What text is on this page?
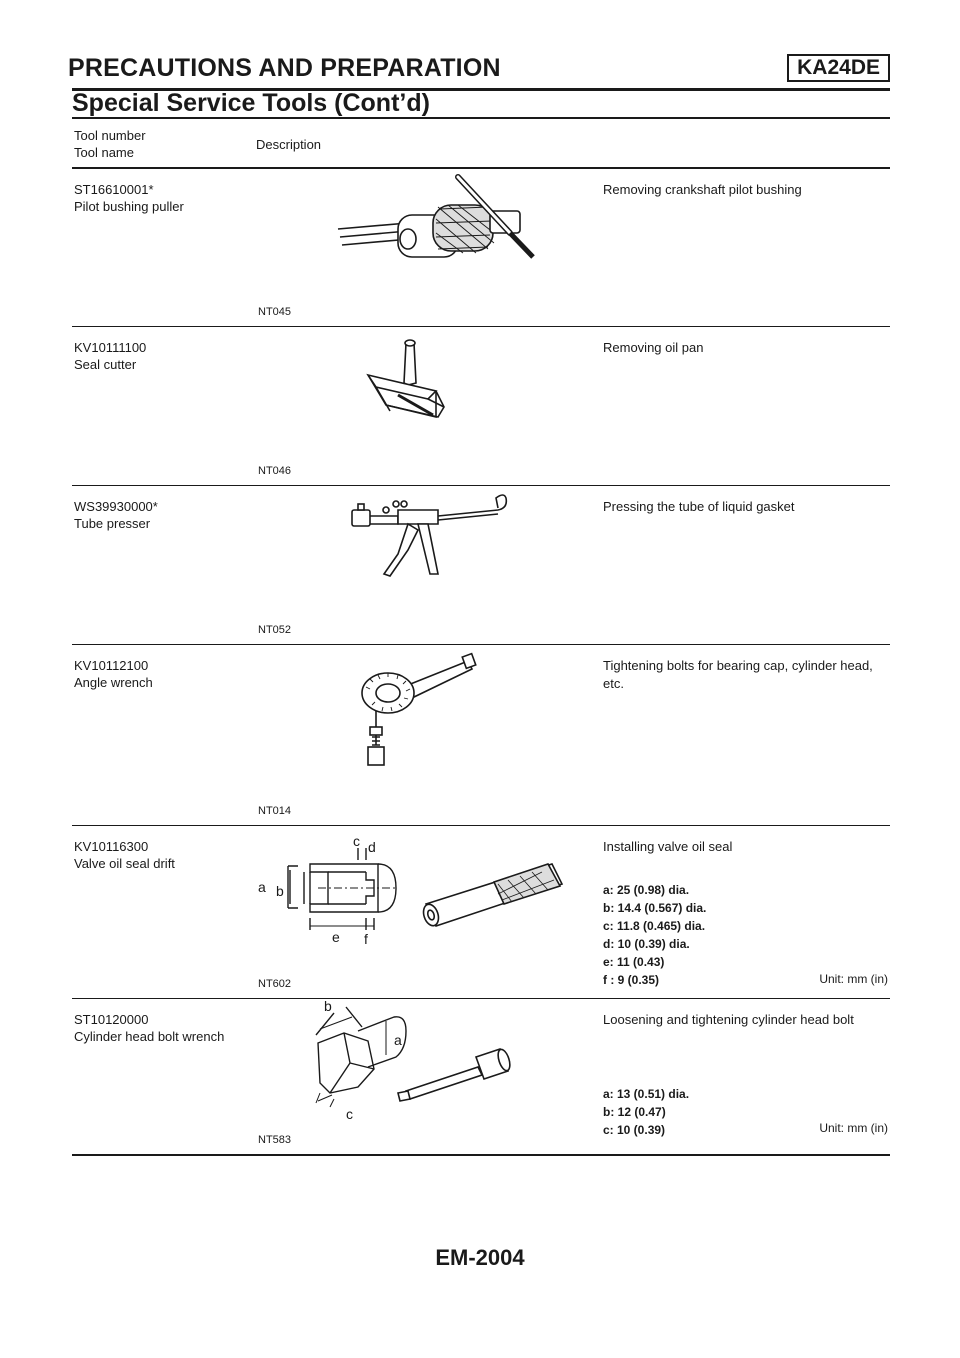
PRECAUTIONS AND PREPARATION	KA24DE
Special Service Tools (Cont’d)
Tool number
Tool name
Description
ST16610001*
Pilot bushing puller
NT045
Removing crankshaft pilot bushing
KV10111100
Seal cutter
NT046
Removing oil pan
WS39930000*
Tube presser
NT052
Pressing the tube of liquid gasket
KV10112100
Angle wrench
NT014
Tightening bolts for bearing cap, cylinder head, etc.
KV10116300
Valve oil seal drift
a b
c d
e f
NT602
Installing valve oil seal
a: 25 (0.98) dia.
b: 14.4 (0.567) dia.
c: 11.8 (0.465) dia.
d: 10 (0.39) dia.
e: 11 (0.43)
f : 9 (0.35)	Unit: mm (in)
ST10120000
Cylinder head bolt wrench
b
a
c
NT583
Loosening and tightening cylinder head bolt
a: 13 (0.51) dia.
b: 12 (0.47)
c: 10 (0.39)	Unit: mm (in)
EM-2004
